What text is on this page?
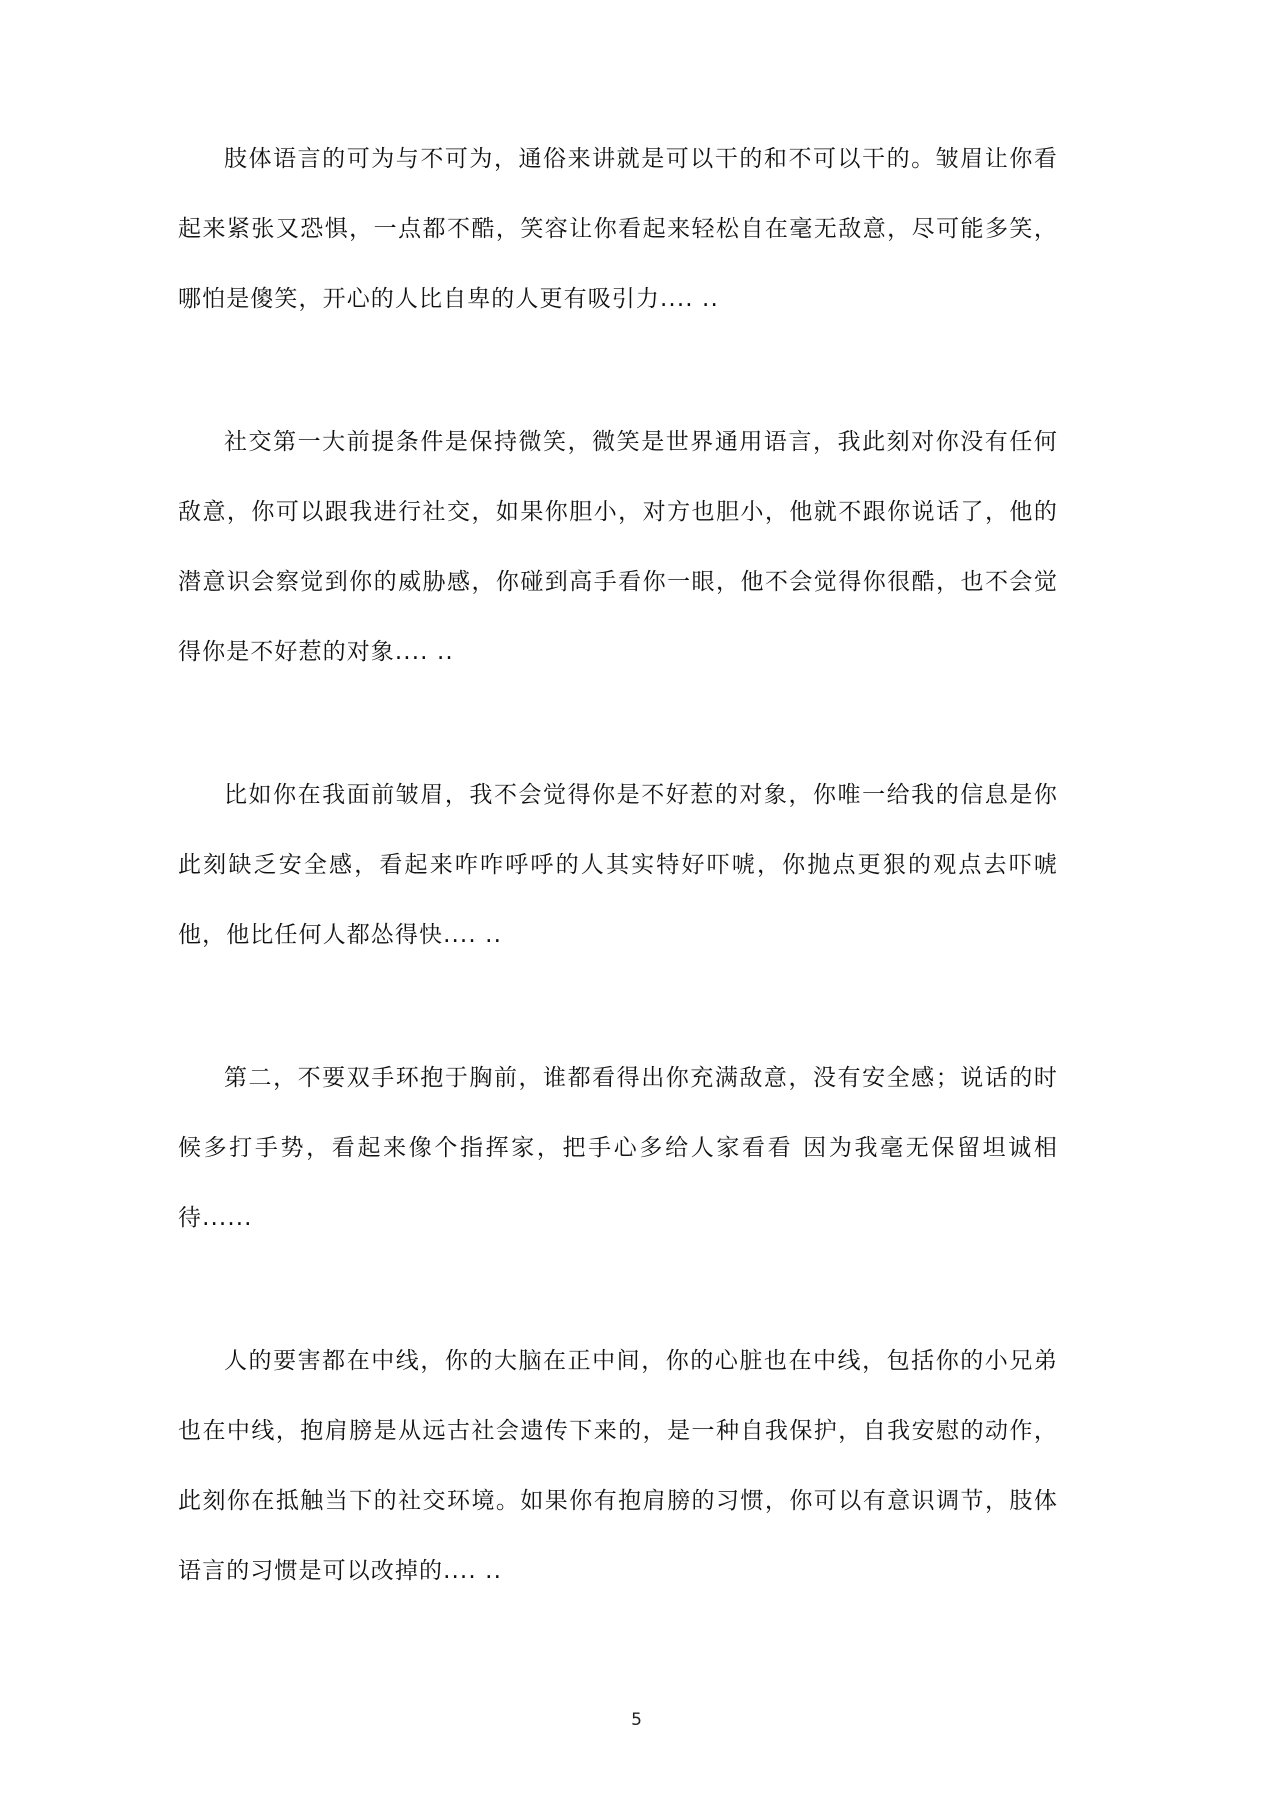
肢体语言的可为与不可为，通俗来讲就是可以干的和不可以干的。皱眉让你看起来紧张又恐惧，一点都不酷，笑容让你看起来轻松自在毫无敌意，尽可能多笑，哪怕是傻笑，开心的人比自卑的人更有吸引力.... ..

社交第一大前提条件是保持微笑，微笑是世界通用语言，我此刻对你没有任何敌意，你可以跟我进行社交，如果你胆小，对方也胆小，他就不跟你说话了，他的潜意识会察觉到你的威胁感，你碰到高手看你一眼，他不会觉得你很酷，也不会觉得你是不好惹的对象.... ..

比如你在我面前皱眉，我不会觉得你是不好惹的对象，你唯一给我的信息是你此刻缺乏安全感，看起来咋咋呼呼的人其实特好吓唬，你抛点更狠的观点去吓唬他，他比任何人都怂得快.... ..

第二，不要双手环抱于胸前，谁都看得出你充满敌意，没有安全感；说话的时候多打手势，看起来像个指挥家，把手心多给人家看看 因为我毫无保留坦诚相待......

人的要害都在中线，你的大脑在正中间，你的心脏也在中线，包括你的小兄弟也在中线，抱肩膀是从远古社会遗传下来的，是一种自我保护，自我安慰的动作，此刻你在抵触当下的社交环境。如果你有抱肩膀的习惯，你可以有意识调节，肢体语言的习惯是可以改掉的.... ..

5
